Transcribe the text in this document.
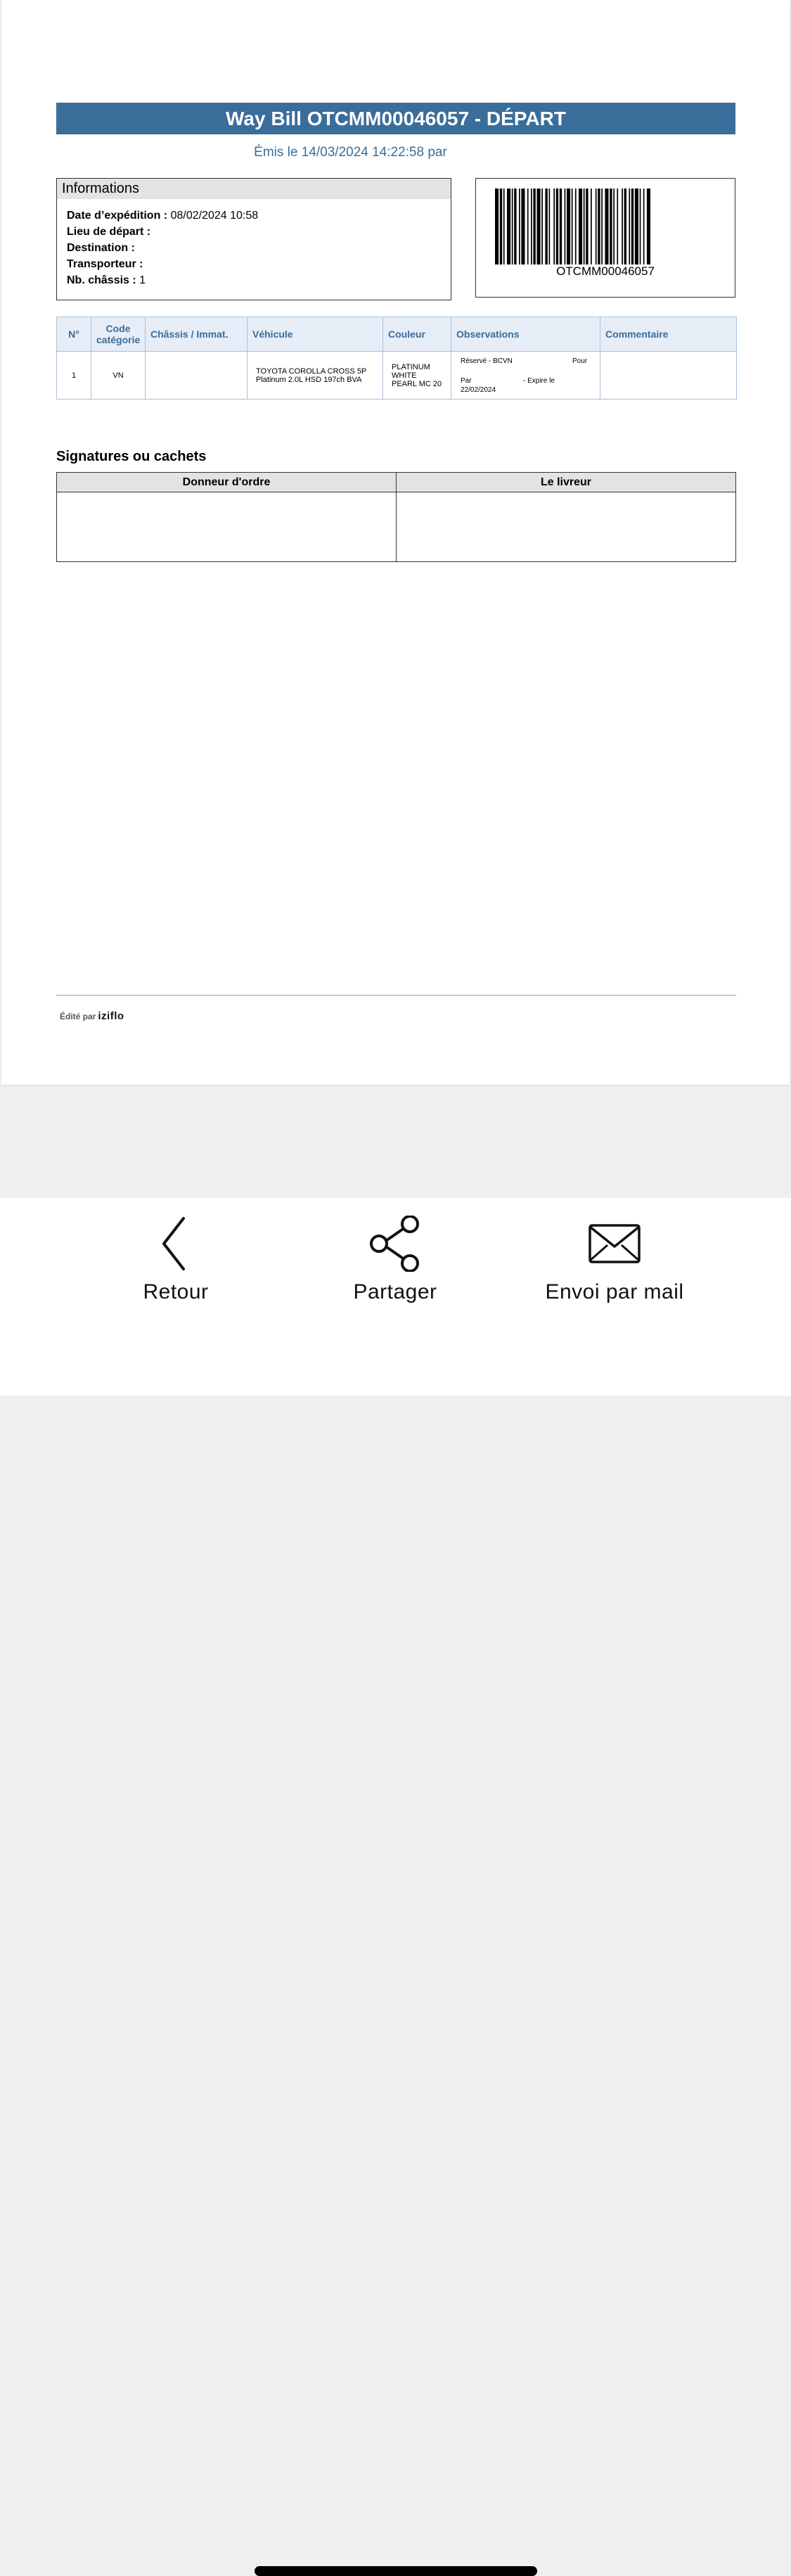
Way Bill OTCMM00046057 - DÉPART
Émis le 14/03/2024 14:22:58 par
Informations
Date d’expédition : 08/02/2024 10:58
Lieu de départ :
Destination :
Transporteur :
Nb. châssis : 1
OTCMM00046057
N°	Code catégorie	Châssis / Immat.	Véhicule	Couleur	Observations	Commentaire
1	VN		TOYOTA COROLLA CROSS 5P Platinum 2.0L HSD 197ch BVA	PLATINUM WHITE PEARL MC 20	Réservé - BCVN Pour
Par - Expire le
22/02/2024	

Signatures ou cachets
Donneur d'ordre	Le livreur

Édité par iziflo
Retour	Partager	Envoi par mail
